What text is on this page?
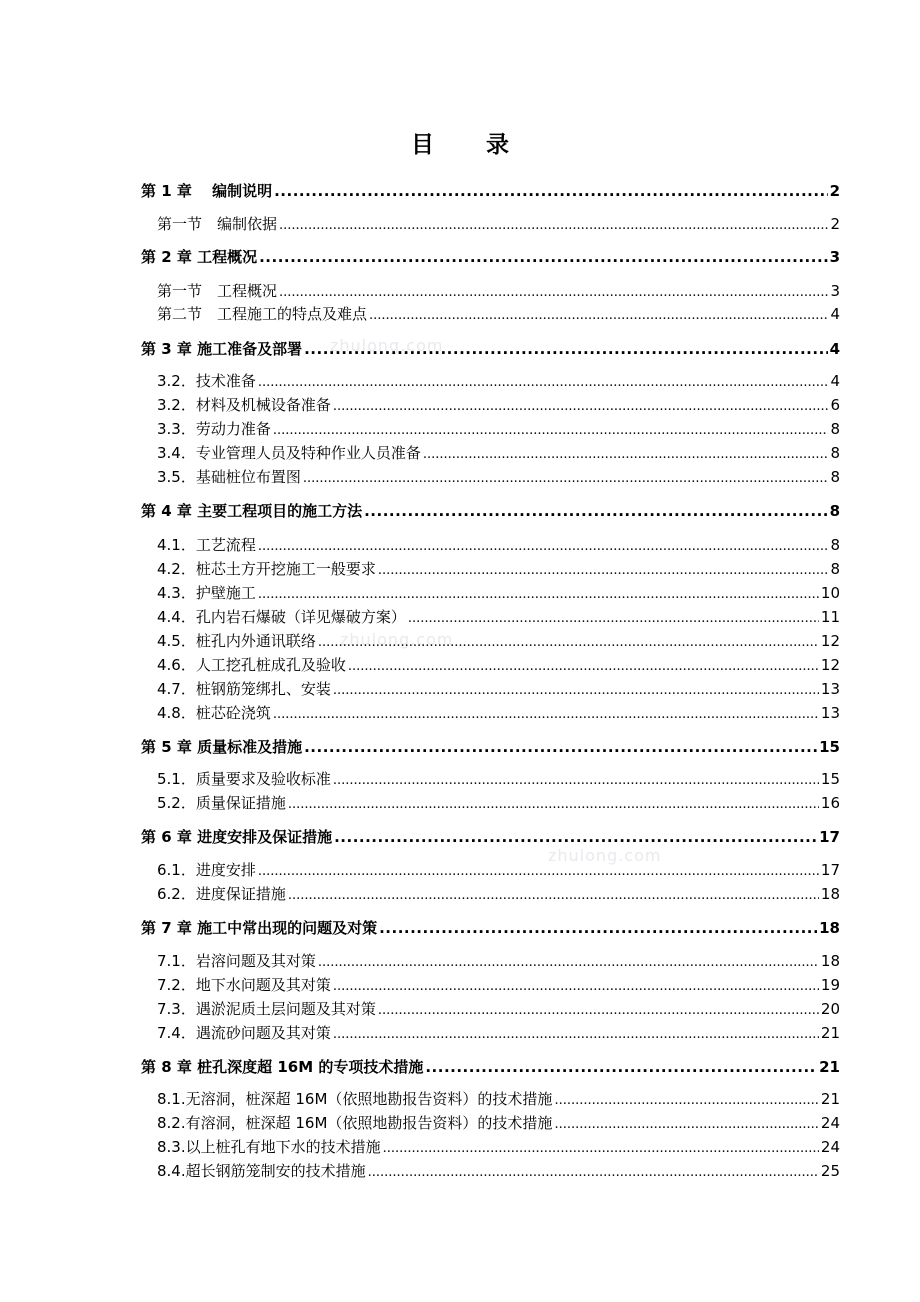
目 录
zhulong.com
zhulong.com
zhulong.com
第 1 章　 编制说明 .....	2
第一节　编制依据 .....	2
第 2 章 工程概况 .....	3
第一节　工程概况 .....	3
第二节　工程施工的特点及难点 .....	4
第 3 章 施工准备及部署 .....	4
3.2．技术准备 .....	4
3.2．材料及机械设备准备 .....	6
3.3．劳动力准备 .....	8
3.4．专业管理人员及特种作业人员准备 .....	8
3.5．基础桩位布置图 .....	8
第 4 章 主要工程项目的施工方法 .....	8
4.1．工艺流程 .....	8
4.2．桩芯土方开挖施工一般要求 .....	8
4.3．护壁施工 .....	10
4.4．孔内岩石爆破（详见爆破方案） .....	11
4.5．桩孔内外通讯联络 .....	12
4.6．人工挖孔桩成孔及验收 .....	12
4.7．桩钢筋笼绑扎、安装 .....	13
4.8．桩芯砼浇筑 .....	13
第 5 章 质量标准及措施 .....	15
5.1．质量要求及验收标准 .....	15
5.2．质量保证措施 .....	16
第 6 章 进度安排及保证措施 .....	17
6.1．进度安排 .....	17
6.2．进度保证措施 .....	18
第 7 章 施工中常出现的问题及对策 .....	18
7.1．岩溶问题及其对策 .....	18
7.2．地下水问题及其对策 .....	19
7.3．遇淤泥质土层问题及其对策 .....	20
7.4．遇流砂问题及其对策 .....	21
第 8 章 桩孔深度超 16M 的专项技术措施 .....	21
8.1.无溶洞，桩深超 16M（依照地勘报告资料）的技术措施 .....	21
8.2.有溶洞，桩深超 16M（依照地勘报告资料）的技术措施 .....	24
8.3.以上桩孔有地下水的技术措施 .....	24
8.4.超长钢筋笼制安的技术措施 .....	25
